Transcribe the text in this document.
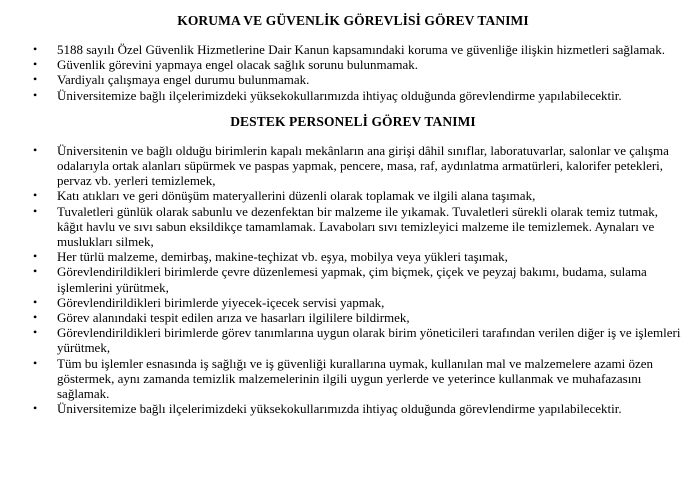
KORUMA VE GÜVENLİK GÖREVLİSİ GÖREV TANIMI
• 5188 sayılı Özel Güvenlik Hizmetlerine Dair Kanun kapsamındaki koruma ve güvenliğe ilişkin hizmetleri sağlamak.
• Güvenlik görevini yapmaya engel olacak sağlık sorunu bulunmamak.
• Vardiyalı çalışmaya engel durumu bulunmamak.
• Üniversitemize bağlı ilçelerimizdeki yüksekokullarımızda ihtiyaç olduğunda görevlendirme yapılabilecektir.
DESTEK PERSONELİ GÖREV TANIMI
• Üniversitenin ve bağlı olduğu birimlerin kapalı mekânların ana girişi dâhil sınıflar, laboratuvarlar, salonlar ve çalışma odalarıyla ortak alanları süpürmek ve paspas yapmak, pencere, masa, raf, aydınlatma armatürleri, kalorifer petekleri, pervaz vb. yerleri temizlemek,
• Katı atıkları ve geri dönüşüm materyallerini düzenli olarak toplamak ve ilgili alana taşımak,
• Tuvaletleri günlük olarak sabunlu ve dezenfektan bir malzeme ile yıkamak. Tuvaletleri sürekli olarak temiz tutmak, kâğıt havlu ve sıvı sabun eksildikçe tamamlamak. Lavaboları sıvı temizleyici malzeme ile temizlemek. Aynaları ve muslukları silmek,
• Her türlü malzeme, demirbaş, makine-teçhizat vb. eşya, mobilya veya yükleri taşımak,
• Görevlendirildikleri birimlerde çevre düzenlemesi yapmak, çim biçmek, çiçek ve peyzaj bakımı, budama, sulama işlemlerini yürütmek,
• Görevlendirildikleri birimlerde yiyecek-içecek servisi yapmak,
• Görev alanındaki tespit edilen arıza ve hasarları ilgililere bildirmek,
• Görevlendirildikleri birimlerde görev tanımlarına uygun olarak birim yöneticileri tarafından verilen diğer iş ve işlemleri yürütmek,
• Tüm bu işlemler esnasında iş sağlığı ve iş güvenliği kurallarına uymak, kullanılan mal ve malzemelere azami özen göstermek, aynı zamanda temizlik malzemelerinin ilgili uygun yerlerde ve yeterince kullanmak ve muhafazasını sağlamak.
• Üniversitemize bağlı ilçelerimizdeki yüksekokullarımızda ihtiyaç olduğunda görevlendirme yapılabilecektir.
